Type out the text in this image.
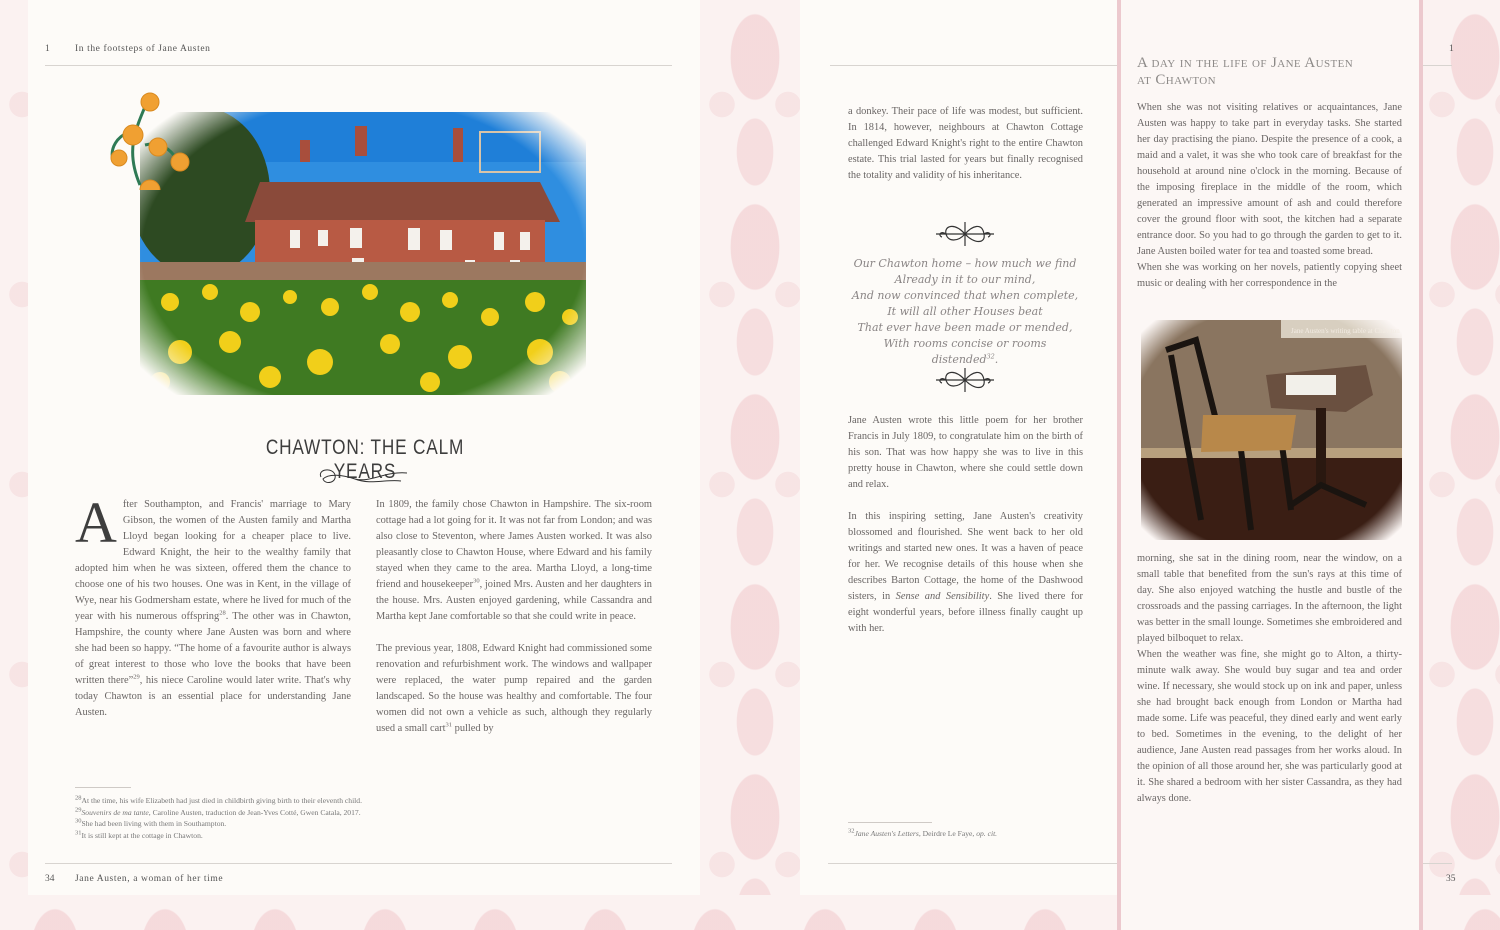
1	In the footsteps of Jane Austen
CHAWTON: THE CALM YEARS

After Southampton, and Francis' marriage to Mary Gibson, the women of the Austen family and Martha Lloyd began looking for a cheaper place to live. Edward Knight, the heir to the wealthy family that adopted him when he was sixteen, offered them the chance to choose one of his two houses. One was in Kent, in the village of Wye, near his Godmersham estate, where he lived for much of the year with his numerous offspring$^{28}$. The other was in Chawton, Hampshire, the county where Jane Austen was born and where she had been so happy. “The home of a favourite author is always of great interest to those who love the books that have been written there”$^{29}$, his niece Caroline would later write. That's why today Chawton is an essential place for understanding Jane Austen.

In 1809, the family chose Chawton in Hampshire. The six-room cottage had a lot going for it. It was not far from London; and was also close to Steventon, where James Austen worked. It was also pleasantly close to Chawton House, where Edward and his family stayed when they came to the area. Martha Lloyd, a long-time friend and housekeeper$^{30}$, joined Mrs. Austen and her daughters in the house. Mrs. Austen enjoyed gardening, while Cassandra and Martha kept Jane comfortable so that she could write in peace.

The previous year, 1808, Edward Knight had commissioned some renovation and refurbishment work. The windows and wallpaper were replaced, the water pump repaired and the garden landscaped. So the house was healthy and comfortable. The four women did not own a vehicle as such, although they regularly used a small cart$^{31}$ pulled by

$^{28}$At the time, his wife Elizabeth had just died in childbirth giving birth to their eleventh child.
$^{29}$Souvenirs de ma tante, Caroline Austen, traduction de Jean-Yves Cotté, Gwen Catala, 2017.
$^{30}$She had been living with them in Southampton.
$^{31}$It is still kept at the cottage in Chawton.
34 Jane Austen, a woman of her time
1
35

a donkey. Their pace of life was modest, but sufficient. In 1814, however, neighbours at Chawton Cottage challenged Edward Knight's right to the entire Chawton estate. This trial lasted for years but finally recognised the totality and validity of his inheritance.

Our Chawton home – how much we find
Already in it to our mind,
And now convinced that when complete,
It will all other Houses beat
That ever have been made or mended,
With rooms concise or rooms distended$^{32}$.

Jane Austen wrote this little poem for her brother Francis in July 1809, to congratulate him on the birth of his son. That was how happy she was to live in this pretty house in Chawton, where she could settle down and relax.

In this inspiring setting, Jane Austen's creativity blossomed and flourished. She went back to her old writings and started new ones. It was a haven of peace for her. We recognise details of this house when she describes Barton Cottage, the home of the Dashwood sisters, in Sense and Sensibility. She lived there for eight wonderful years, before illness finally caught up with her.

$^{32}$Jane Austen's Letters, Deirdre Le Faye, op. cit.
A day in the life of Jane Austen
at Chawton

When she was not visiting relatives or acquaintances, Jane Austen was happy to take part in everyday tasks. She started her day practising the piano. Despite the presence of a cook, a maid and a valet, it was she who took care of breakfast for the household at around nine o'clock in the morning. Because of the imposing fireplace in the middle of the room, which generated an impressive amount of ash and could therefore cover the ground floor with soot, the kitchen had a separate entrance door. So you had to go through the garden to get to it. Jane Austen boiled water for tea and toasted some bread.

When she was working on her novels, patiently copying sheet music or dealing with her correspondence in the

Jane Austen's writing table at Chawton

morning, she sat in the dining room, near the window, on a small table that benefited from the sun's rays at this time of day. She also enjoyed watching the hustle and bustle of the crossroads and the passing carriages. In the afternoon, the light was better in the small lounge. Sometimes she embroidered and played bilboquet to relax.

When the weather was fine, she might go to Alton, a thirty-minute walk away. She would buy sugar and tea and order wine. If necessary, she would stock up on ink and paper, unless she had brought back enough from London or Martha had made some. Life was peaceful, they dined early and went early to bed. Sometimes in the evening, to the delight of her audience, Jane Austen read passages from her works aloud. In the opinion of all those around her, she was particularly good at it. She shared a bedroom with her sister Cassandra, as they had always done.
